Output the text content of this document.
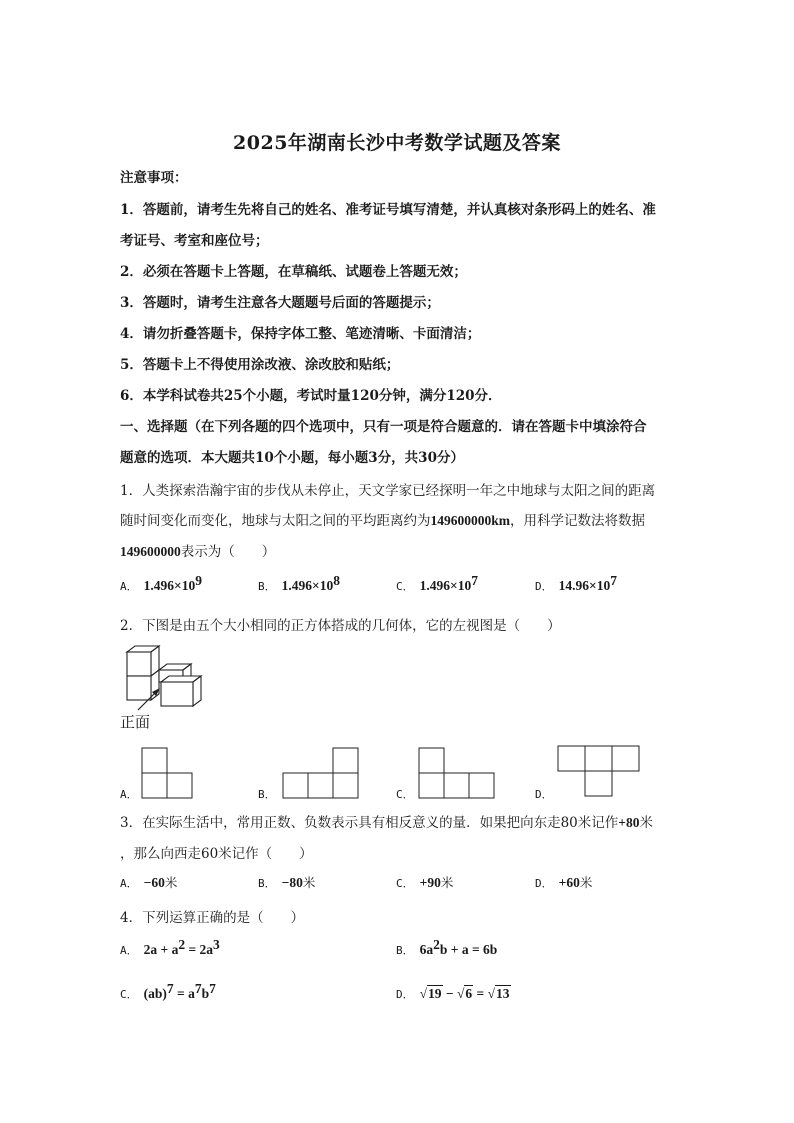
2025年湖南长沙中考数学试题及答案
注意事项：
1．答题前，请考生先将自己的姓名、准考证号填写清楚，并认真核对条形码上的姓名、准
考证号、考室和座位号；
2．必须在答题卡上答题，在草稿纸、试题卷上答题无效；
3．答题时，请考生注意各大题题号后面的答题提示；
4．请勿折叠答题卡，保持字体工整、笔迹清晰、卡面清洁；
5．答题卡上不得使用涂改液、涂改胶和贴纸；
6．本学科试卷共25个小题，考试时量120分钟，满分120分．
一、选择题（在下列各题的四个选项中，只有一项是符合题意的．请在答题卡中填涂符合
题意的选项．本大题共10个小题，每小题3分，共30分）
1．人类探索浩瀚宇宙的步伐从未停止，天文学家已经探明一年之中地球与太阳之间的距离
随时间变化而变化，地球与太阳之间的平均距离约为149600000km，用科学记数法将数据
149600000表示为（　　）
A． $1.496\times 10^9$	B． $1.496\times 10^8$	C． $1.496\times 10^7$	D． $14.96\times 10^7$
2．下图是由五个大小相同的正方体搭成的几何体，它的左视图是（　　）
正面
A．	B．	C．	D．
3．在实际生活中，常用正数、负数表示具有相反意义的量．如果把向东走80米记作+80米
，那么向西走60米记作（　　）
A． −60米	B． −80米	C． +90米	D． +60米
4．下列运算正确的是（　　）
A． $2a + a^2 = 2a^3$	B． $6a^2b + a = 6b$
C． $(ab)^7 = a^7b^7$	D． √19 − √6 = √13
